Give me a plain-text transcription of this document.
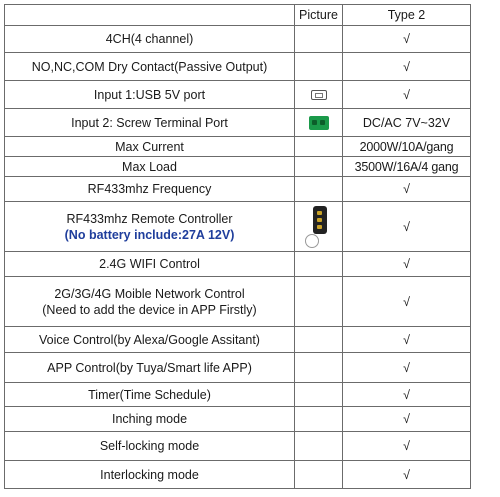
	Picture	Type 2
4CH(4 channel)		√
NO,NC,COM Dry Contact(Passive Output)		√
Input 1:USB 5V port		√
Input 2: Screw Terminal Port		DC/AC 7V~32V
Max Current		2000W/10A/gang
Max Load		3500W/16A/4 gang
RF433mhz Frequency		√

RF433mhz Remote Controller
(No battery include:27A 12V)		√
2.4G WIFI Control		√

2G/3G/4G Moible Network Control
(Need to add the device in APP Firstly)		√
Voice Control(by Alexa/Google Assitant)		√
APP Control(by Tuya/Smart life APP)		√
Timer(Time Schedule)		√
Inching mode		√
Self-locking mode		√
Interlocking mode		√
